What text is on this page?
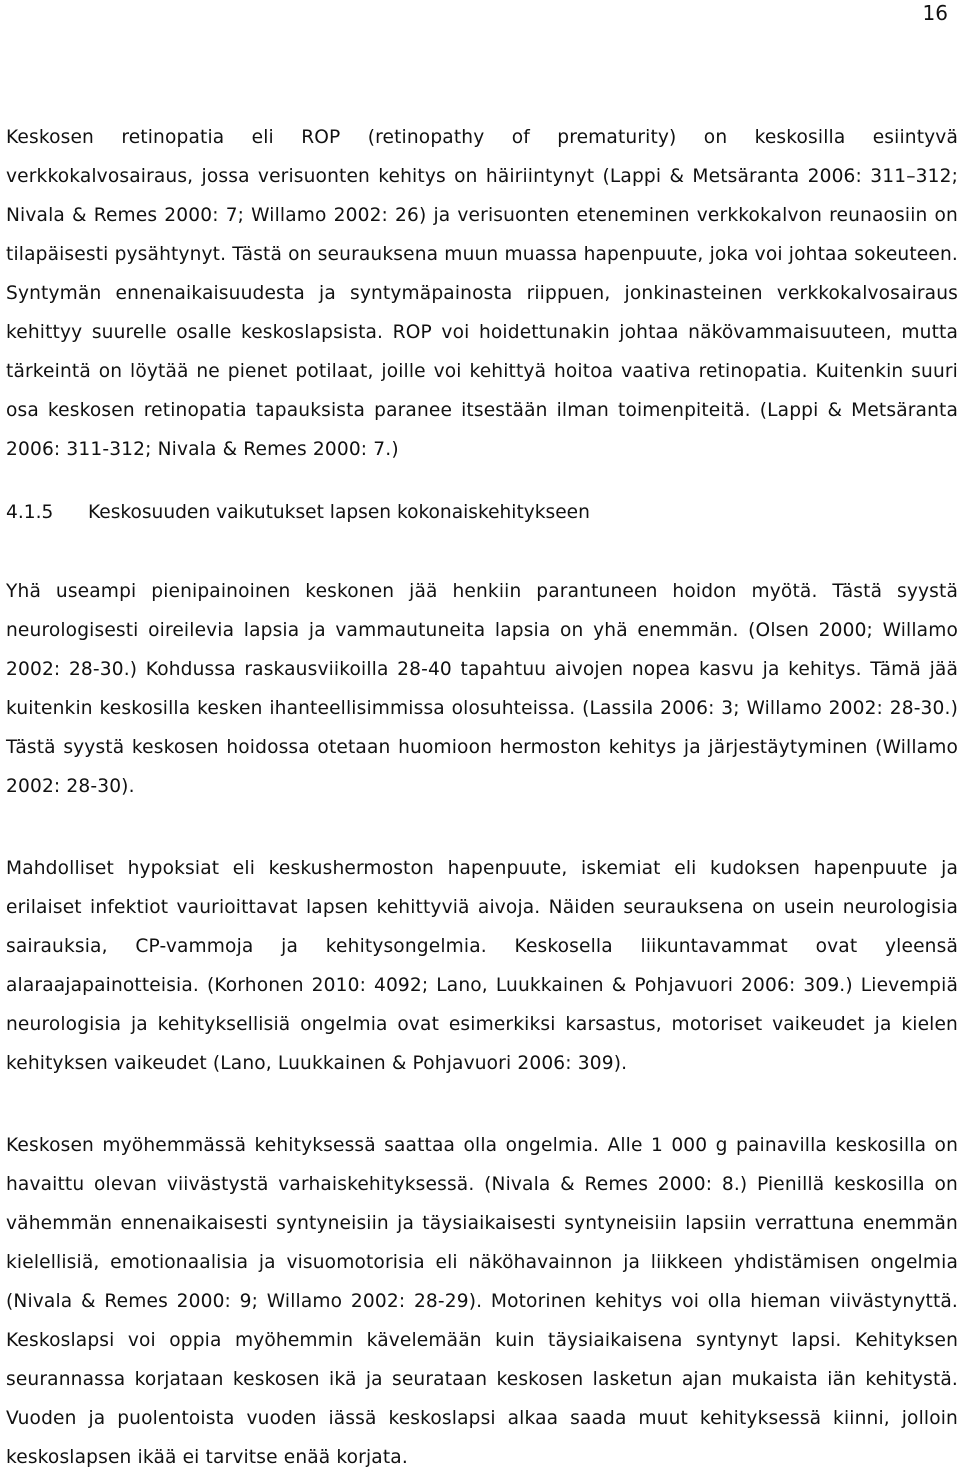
16

Keskosen retinopatia eli ROP (retinopathy of prematurity) on keskosilla esiintyvä verkkokalvosairaus, jossa verisuonten kehitys on häiriintynyt (Lappi & Metsäranta 2006: 311–312; Nivala & Remes 2000: 7; Willamo 2002: 26) ja verisuonten eteneminen verkkokalvon reunaosiin on tilapäisesti pysähtynyt. Tästä on seurauksena muun muassa hapenpuute, joka voi johtaa sokeuteen. Syntymän ennenaikaisuudesta ja syntymäpainosta riippuen, jonkinasteinen verkkokalvosairaus kehittyy suurelle osalle keskoslapsista. ROP voi hoidettunakin johtaa näkövammaisuuteen, mutta tärkeintä on löytää ne pienet potilaat, joille voi kehittyä hoitoa vaativa retinopatia. Kuitenkin suuri osa keskosen retinopatia tapauksista paranee itsestään ilman toimenpiteitä. (Lappi & Metsäranta 2006: 311-312; Nivala & Remes 2000: 7.)

4.1.5	Keskosuuden vaikutukset lapsen kokonaiskehitykseen

Yhä useampi pienipainoinen keskonen jää henkiin parantuneen hoidon myötä. Tästä syystä neurologisesti oireilevia lapsia ja vammautuneita lapsia on yhä enemmän. (Olsen 2000; Willamo 2002: 28-30.) Kohdussa raskausviikoilla 28-40 tapahtuu aivojen nopea kasvu ja kehitys. Tämä jää kuitenkin keskosilla kesken ihanteellisimmissa olosuhteissa. (Lassila 2006: 3; Willamo 2002: 28-30.) Tästä syystä keskosen hoidossa otetaan huomioon hermoston kehitys ja järjestäytyminen (Willamo 2002: 28-30).

Mahdolliset hypoksiat eli keskushermoston hapenpuute, iskemiat eli kudoksen hapenpuute ja erilaiset infektiot vaurioittavat lapsen kehittyviä aivoja. Näiden seurauksena on usein neurologisia sairauksia, CP-vammoja ja kehitysongelmia. Keskosella liikuntavammat ovat yleensä alaraajapainotteisia. (Korhonen 2010: 4092; Lano, Luukkainen & Pohjavuori 2006: 309.) Lievempiä neurologisia ja kehityksellisiä ongelmia ovat esimerkiksi karsastus, motoriset vaikeudet ja kielen kehityksen vaikeudet (Lano, Luukkainen & Pohjavuori 2006: 309).

Keskosen myöhemmässä kehityksessä saattaa olla ongelmia. Alle 1 000 g painavilla keskosilla on havaittu olevan viivästystä varhaiskehityksessä. (Nivala & Remes 2000: 8.) Pienillä keskosilla on vähemmän ennenaikaisesti syntyneisiin ja täysiaikaisesti syntyneisiin lapsiin verrattuna enemmän kielellisiä, emotionaalisia ja visuomotorisia eli näköhavainnon ja liikkeen yhdistämisen ongelmia (Nivala & Remes 2000: 9; Willamo 2002: 28-29). Motorinen kehitys voi olla hieman viivästynyttä. Keskoslapsi voi oppia myöhemmin kävelemään kuin täysiaikaisena syntynyt lapsi. Kehityksen seurannassa korjataan keskosen ikä ja seurataan keskosen lasketun ajan mukaista iän kehitystä. Vuoden ja puolentoista vuoden iässä keskoslapsi alkaa saada muut kehityksessä kiinni, jolloin keskoslapsen ikää ei tarvitse enää korjata.
